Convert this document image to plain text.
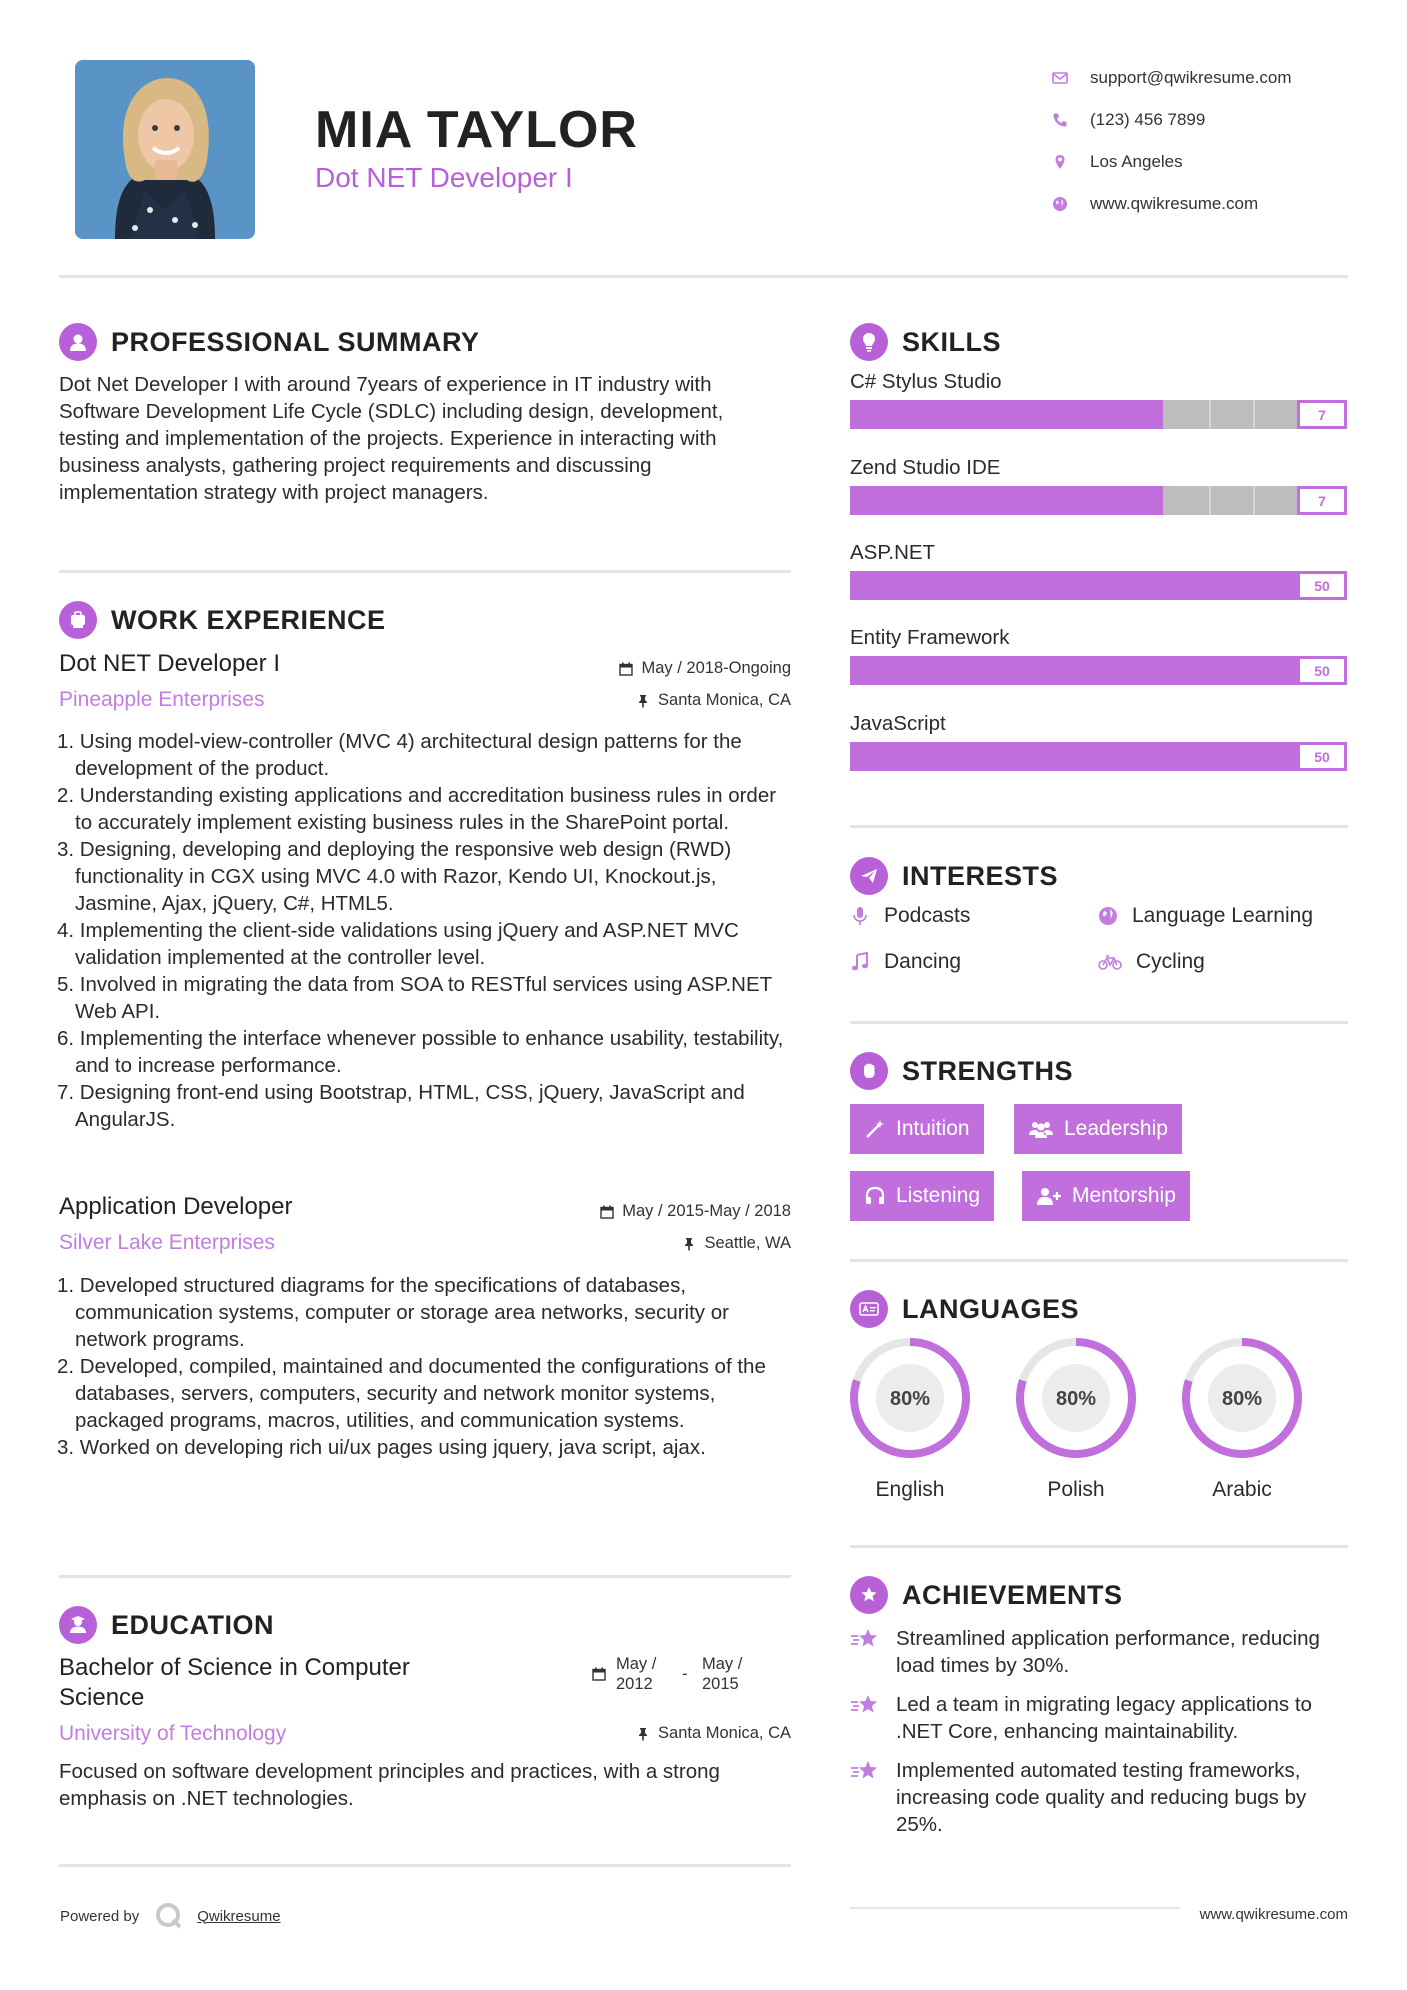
MIA TAYLOR
Dot NET Developer I
support@qwikresume.com
(123) 456 7899
Los Angeles
www.qwikresume.com
PROFESSIONAL SUMMARY
Dot Net Developer I with around 7years of experience in IT industry with Software Development Life Cycle (SDLC) including design, development, testing and implementation of the projects. Experience in interacting with business analysts, gathering project requirements and discussing implementation strategy with project managers.
WORK EXPERIENCE
Dot NET Developer I	May / 2018-Ongoing
Pineapple Enterprises	Santa Monica, CA
1. Using model-view-controller (MVC 4) architectural design patterns for the development of the product.
2. Understanding existing applications and accreditation business rules in order to accurately implement existing business rules in the SharePoint portal.
3. Designing, developing and deploying the responsive web design (RWD) functionality in CGX using MVC 4.0 with Razor, Kendo UI, Knockout.js, Jasmine, Ajax, jQuery, C#, HTML5.
4. Implementing the client-side validations using jQuery and ASP.NET MVC validation implemented at the controller level.
5. Involved in migrating the data from SOA to RESTful services using ASP.NET Web API.
6. Implementing the interface whenever possible to enhance usability, testability, and to increase performance.
7. Designing front-end using Bootstrap, HTML, CSS, jQuery, JavaScript and AngularJS.
Application Developer	May / 2015-May / 2018
Silver Lake Enterprises	Seattle, WA
1. Developed structured diagrams for the specifications of databases, communication systems, computer or storage area networks, security or network programs.
2. Developed, compiled, maintained and documented the configurations of the databases, servers, computers, security and network monitor systems, packaged programs, macros, utilities, and communication systems.
3. Worked on developing rich ui/ux pages using jquery, java script, ajax.
EDUCATION
Bachelor of Science in Computer Science
May / 2012
-
May / 2015
University of Technology	Santa Monica, CA
Focused on software development principles and practices, with a strong emphasis on .NET technologies.
SKILLS
C# Stylus Studio
7
Zend Studio IDE
7
ASP.NET
50
Entity Framework
50
JavaScript
50
INTERESTS
Podcasts	Language Learning
Dancing	Cycling
STRENGTHS
Intuition	Leadership
Listening	Mentorship
LANGUAGES
80%
English
80%
Polish
80%
Arabic
ACHIEVEMENTS
Streamlined application performance, reducing load times by 30%.
Led a team in migrating legacy applications to .NET Core, enhancing maintainability.
Implemented automated testing frameworks, increasing code quality and reducing bugs by 25%.
Powered by	Qwikresume	www.qwikresume.com
